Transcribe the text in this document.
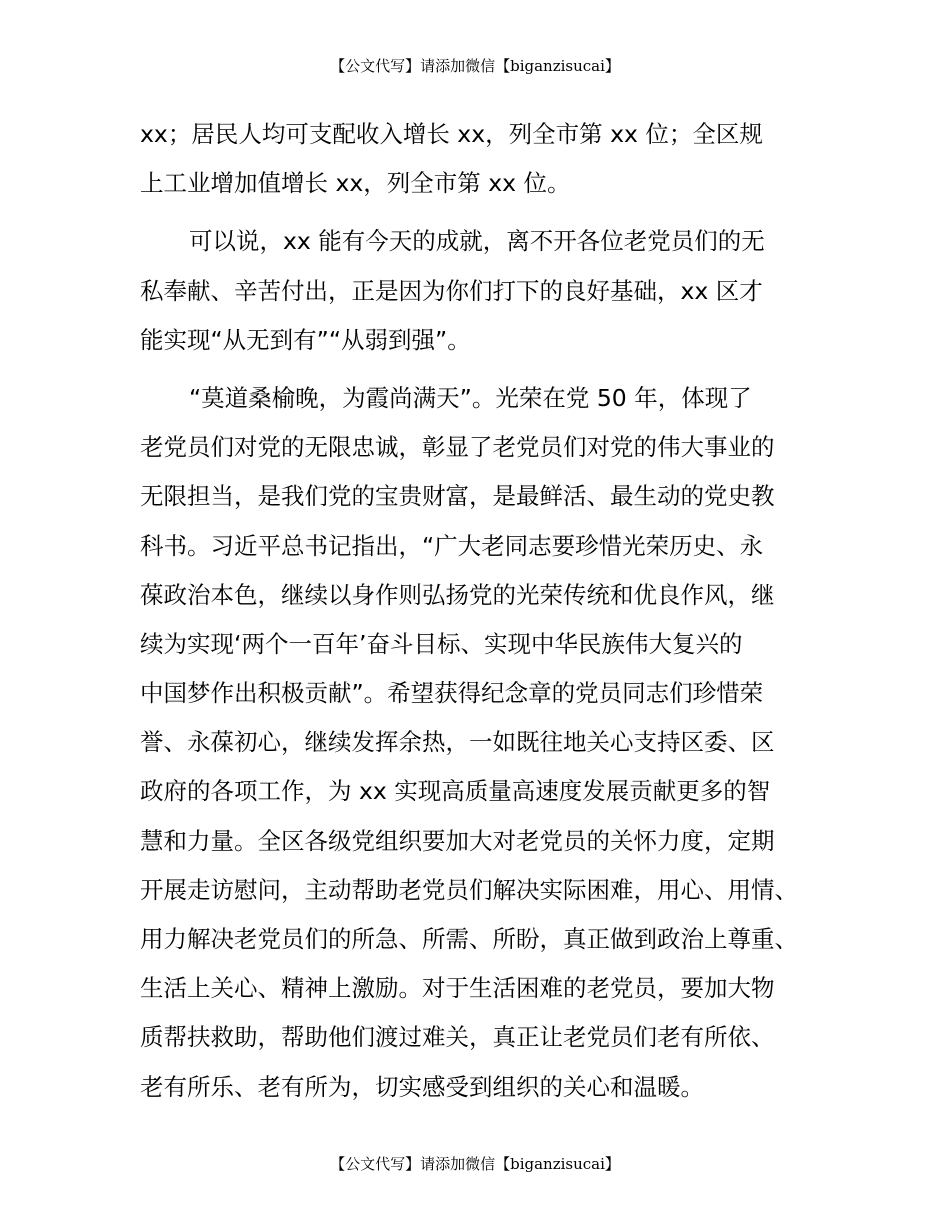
【公文代写】请添加微信【biganzisucai】
xx；居民人均可支配收入增长 xx，列全市第 xx 位；全区规
上工业增加值增长 xx，列全市第 xx 位。
可以说，xx 能有今天的成就，离不开各位老党员们的无
私奉献、辛苦付出，正是因为你们打下的良好基础，xx 区才
能实现“从无到有”“从弱到强”。
“莫道桑榆晚，为霞尚满天”。光荣在党 50 年，体现了
老党员们对党的无限忠诚，彰显了老党员们对党的伟大事业的
无限担当，是我们党的宝贵财富，是最鲜活、最生动的党史教
科书。习近平总书记指出，“广大老同志要珍惜光荣历史、永
葆政治本色，继续以身作则弘扬党的光荣传统和优良作风，继
续为实现‘两个一百年’奋斗目标、实现中华民族伟大复兴的
中国梦作出积极贡献”。希望获得纪念章的党员同志们珍惜荣
誉、永葆初心，继续发挥余热，一如既往地关心支持区委、区
政府的各项工作，为 xx 实现高质量高速度发展贡献更多的智
慧和力量。全区各级党组织要加大对老党员的关怀力度，定期
开展走访慰问，主动帮助老党员们解决实际困难，用心、用情、
用力解决老党员们的所急、所需、所盼，真正做到政治上尊重、
生活上关心、精神上激励。对于生活困难的老党员，要加大物
质帮扶救助，帮助他们渡过难关，真正让老党员们老有所依、
老有所乐、老有所为，切实感受到组织的关心和温暖。
【公文代写】请添加微信【biganzisucai】
